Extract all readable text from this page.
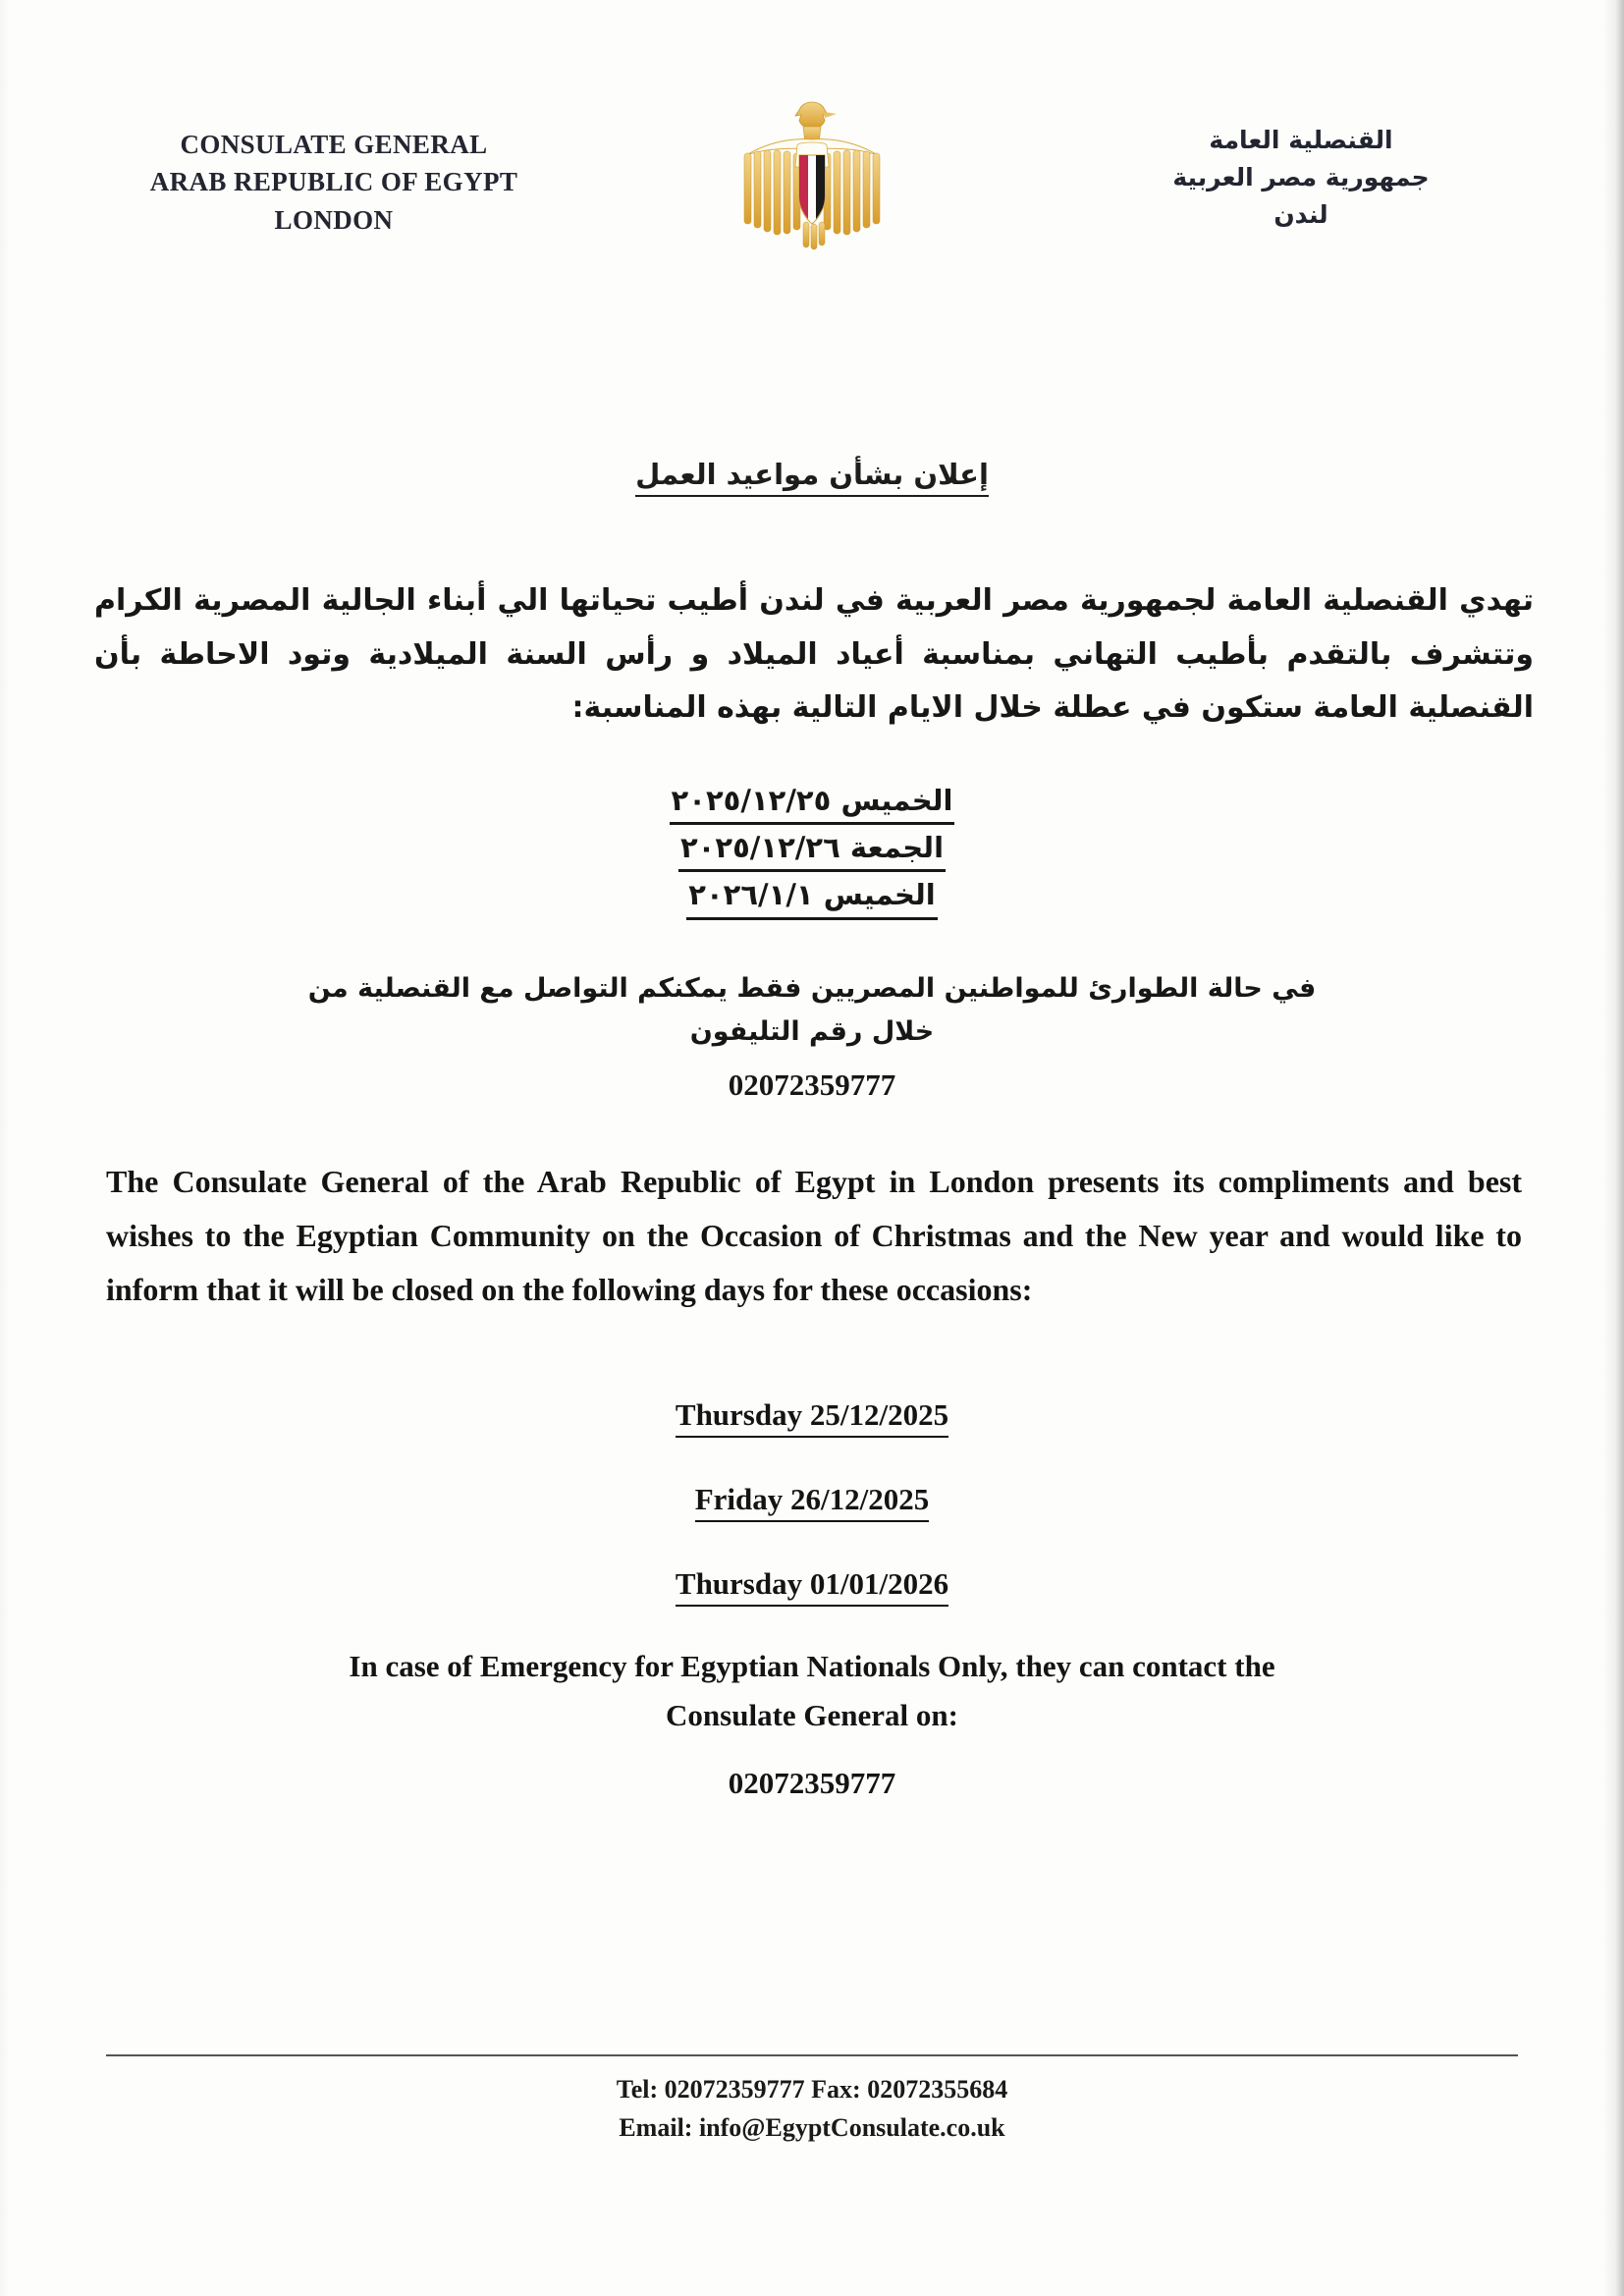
CONSULATE GENERAL
ARAB REPUBLIC OF EGYPT
LONDON
القنصلية العامة
جمهورية مصر العربية
لندن
إعلان بشأن مواعيد العمل
تهدي القنصلية العامة لجمهورية مصر العربية في لندن أطيب تحياتها الي أبناء الجالية المصرية الكرام وتتشرف بالتقدم بأطيب التهاني بمناسبة أعياد الميلاد و رأس السنة الميلادية وتود الاحاطة بأن القنصلية العامة ستكون في عطلة خلال الايام التالية بهذه المناسبة:
الخميس ٢٠٢٥/١٢/٢٥
الجمعة ٢٠٢٥/١٢/٢٦
الخميس ٢٠٢٦/١/١
في حالة الطوارئ للمواطنين المصريين فقط يمكنكم التواصل مع القنصلية من
خلال رقم التليفون
02072359777
The Consulate General of the Arab Republic of Egypt in London presents its compliments and best wishes to the Egyptian Community on the Occasion of Christmas and the New year and would like to inform that it will be closed on the following days for these occasions:
Thursday 25/12/2025
Friday 26/12/2025
Thursday 01/01/2026
In case of Emergency for Egyptian Nationals Only, they can contact the
Consulate General on:
02072359777
Tel: 02072359777 Fax: 02072355684
Email: info@EgyptConsulate.co.uk
